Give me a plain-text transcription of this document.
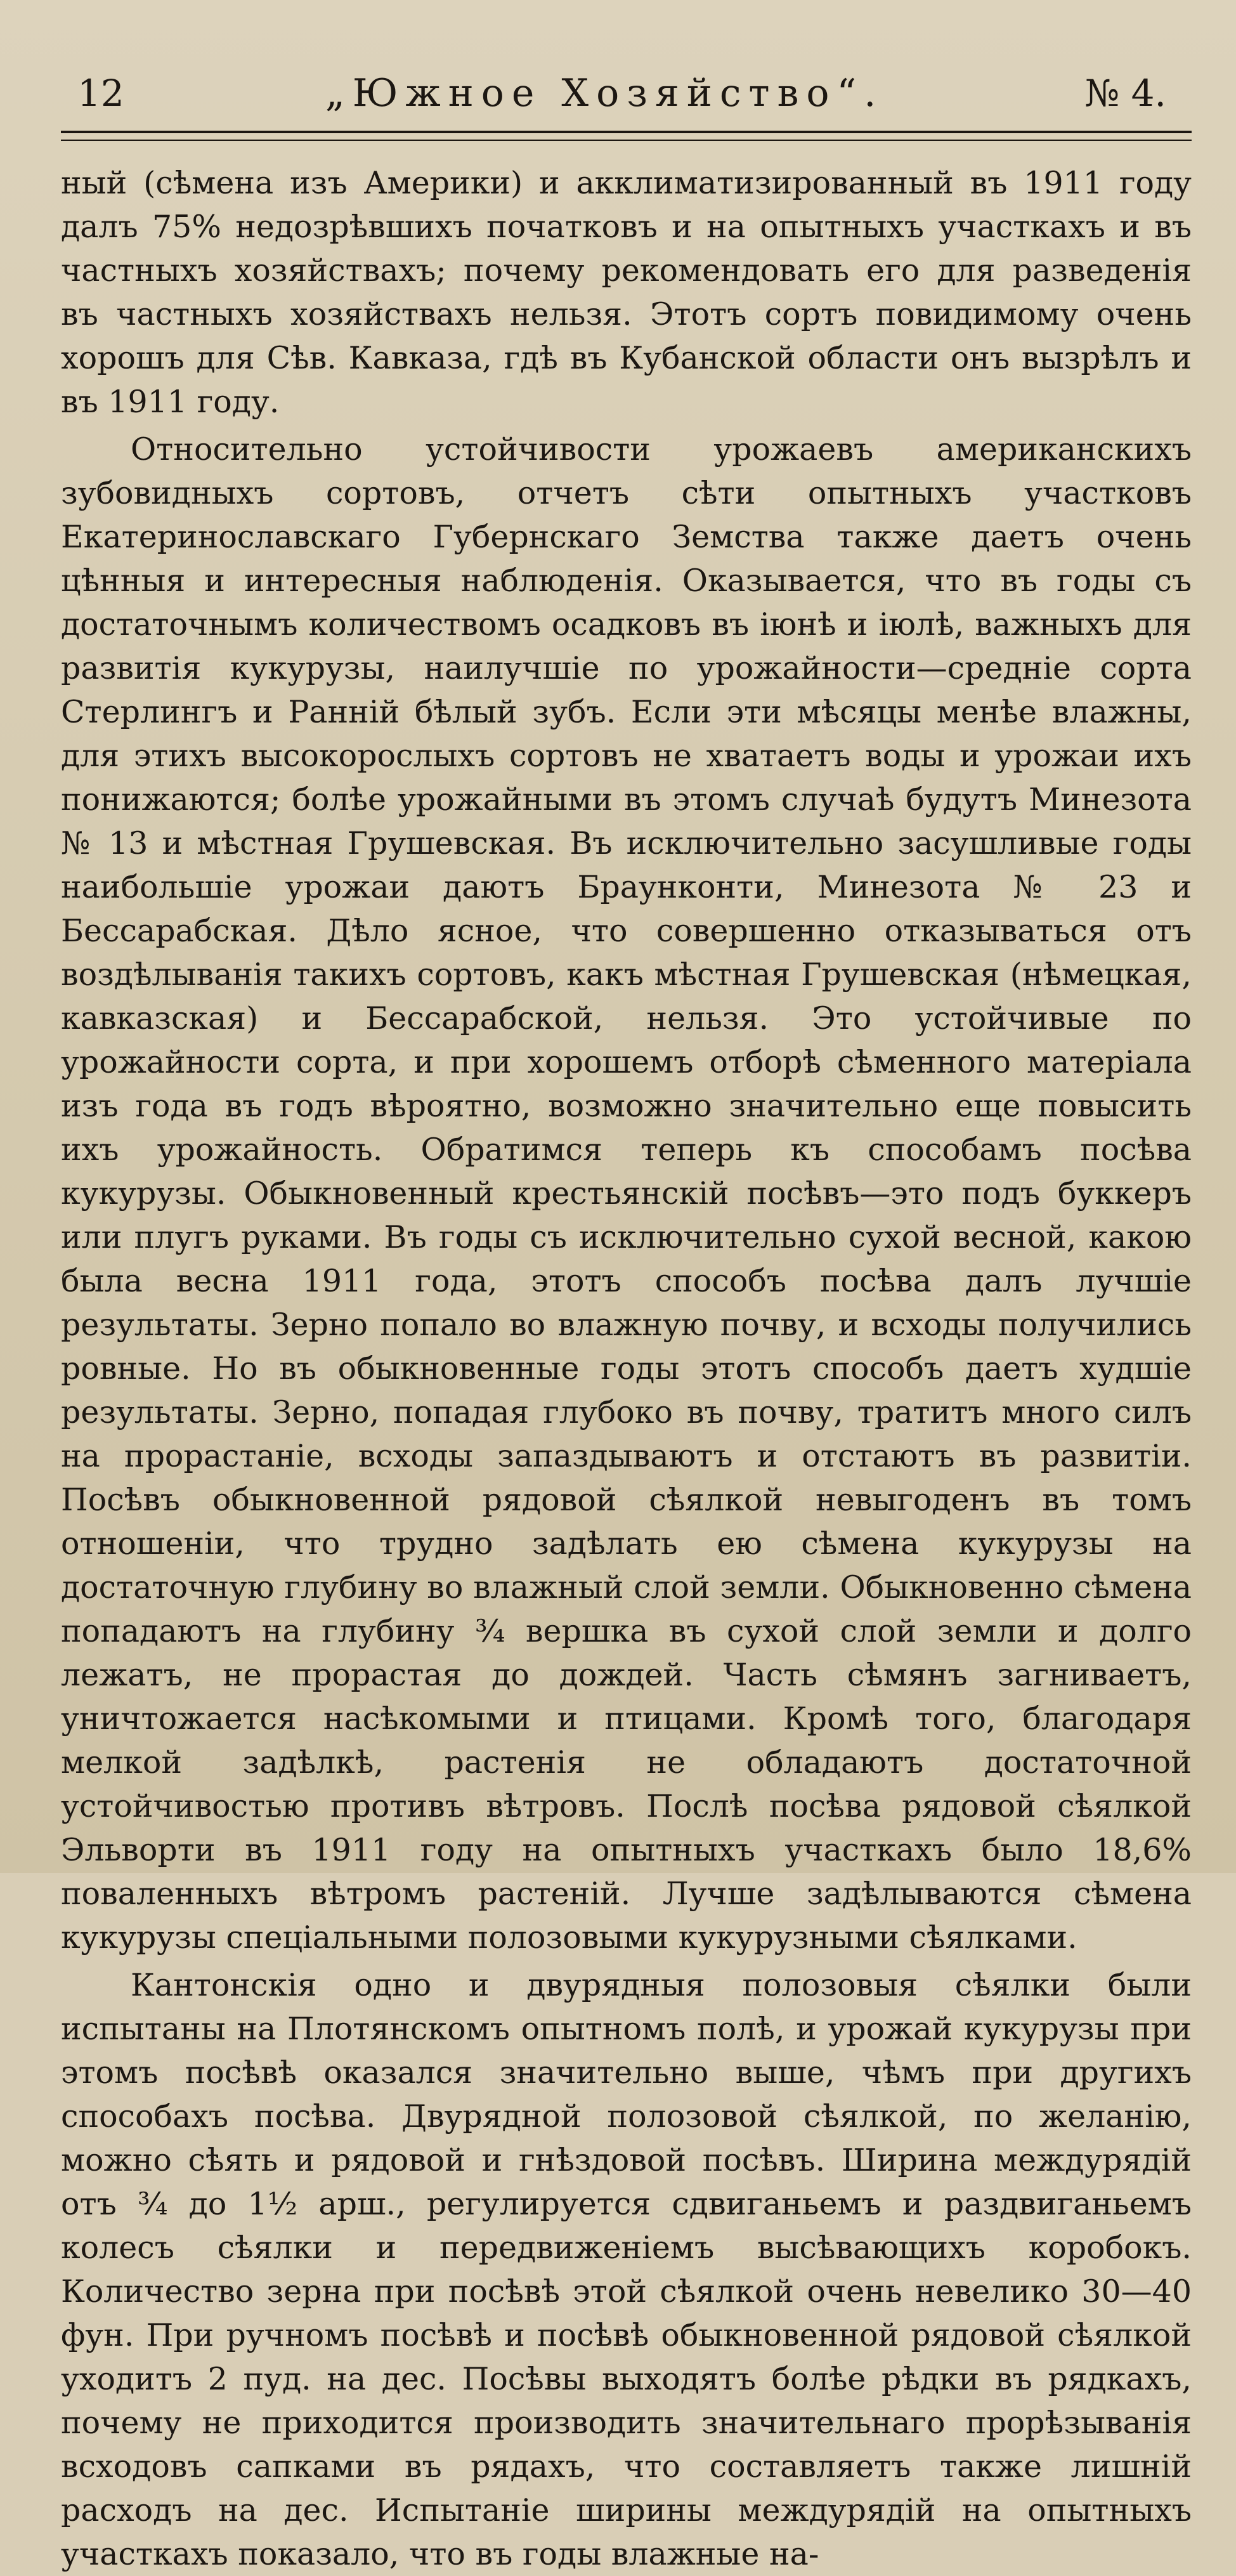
12	„Южное Хозяйство“.	№ 4.

ный (сѣмена изъ Америки) и акклиматизированный въ 1911 году далъ 75% недозрѣвшихъ початковъ и на опытныхъ участкахъ и въ частныхъ хозяйствахъ; почему рекомендовать его для разведенія въ частныхъ хозяйствахъ нельзя. Этотъ сортъ повидимому очень хорошъ для Сѣв. Кавказа, гдѣ въ Кубанской области онъ вызрѣлъ и въ 1911 году.

Относительно устойчивости урожаевъ американскихъ зубовидныхъ сортовъ, отчетъ сѣти опытныхъ участковъ Екатеринославскаго Губернскаго Земства также даетъ очень цѣнныя и интересныя наблюденія. Оказывается, что въ годы съ достаточнымъ количествомъ осадковъ въ іюнѣ и іюлѣ, важныхъ для развитія кукурузы, наилучшіе по урожайности—средніе сорта Стерлингъ и Ранній бѣлый зубъ. Если эти мѣсяцы менѣе влажны, для этихъ высокорослыхъ сортовъ не хватаетъ воды и урожаи ихъ понижаются; болѣе урожайными въ этомъ случаѣ будутъ Минезота № 13 и мѣстная Грушевская. Въ исключительно засушливые годы наибольшіе урожаи даютъ Браунконти, Минезота № 23 и Бессарабская. Дѣло ясное, что совершенно отказываться отъ воздѣлыванія такихъ сортовъ, какъ мѣстная Грушевская (нѣмецкая, кавказская) и Бессарабской, нельзя. Это устойчивые по урожайности сорта, и при хорошемъ отборѣ сѣменного матеріала изъ года въ годъ вѣроятно, возможно значительно еще повысить ихъ урожайность. Обратимся теперь къ способамъ посѣва кукурузы. Обыкновенный крестьянскій посѣвъ—это подъ буккеръ или плугъ руками. Въ годы съ исключительно сухой весной, какою была весна 1911 года, этотъ способъ посѣва далъ лучшіе результаты. Зерно попало во влажную почву, и всходы получились ровные. Но въ обыкновенные годы этотъ способъ даетъ худшіе результаты. Зерно, попадая глубоко въ почву, тратитъ много силъ на прорастаніе, всходы запаздываютъ и отстаютъ въ развитіи. Посѣвъ обыкновенной рядовой сѣялкой невыгоденъ въ томъ отношеніи, что трудно задѣлать ею сѣмена кукурузы на достаточную глубину во влажный слой земли. Обыкновенно сѣмена попадаютъ на глубину ¾ вершка въ сухой слой земли и долго лежатъ, не прорастая до дождей. Часть сѣмянъ загниваетъ, уничтожается насѣкомыми и птицами. Кромѣ того, благодаря мелкой задѣлкѣ, растенія не обладаютъ достаточной устойчивостью противъ вѣтровъ. Послѣ посѣва рядовой сѣялкой Эльворти въ 1911 году на опытныхъ участкахъ было 18,6% поваленныхъ вѣтромъ растеній. Лучше задѣлываются сѣмена кукурузы спеціальными полозовыми кукурузными сѣялками.

Кантонскія одно и двурядныя полозовыя сѣялки были испытаны на Плотянскомъ опытномъ полѣ, и урожай кукурузы при этомъ посѣвѣ оказался значительно выше, чѣмъ при другихъ способахъ посѣва. Двурядной полозовой сѣялкой, по желанію, можно сѣять и рядовой и гнѣздовой посѣвъ. Ширина междурядій отъ ¾ до 1½ арш., регулируется сдвиганьемъ и раздвиганьемъ колесъ сѣялки и передвиженіемъ высѣвающихъ коробокъ. Количество зерна при посѣвѣ этой сѣялкой очень невелико 30—40 фун. При ручномъ посѣвѣ и посѣвѣ обыкновенной рядовой сѣялкой уходитъ 2 пуд. на дес. Посѣвы выходятъ болѣе рѣдки въ рядкахъ, почему не приходится производить значительнаго прорѣзыванія всходовъ сапками въ рядахъ, что составляетъ также лишній расходъ на дес. Испытаніе ширины междурядій на опытныхъ участкахъ показало, что въ годы влажные на-
